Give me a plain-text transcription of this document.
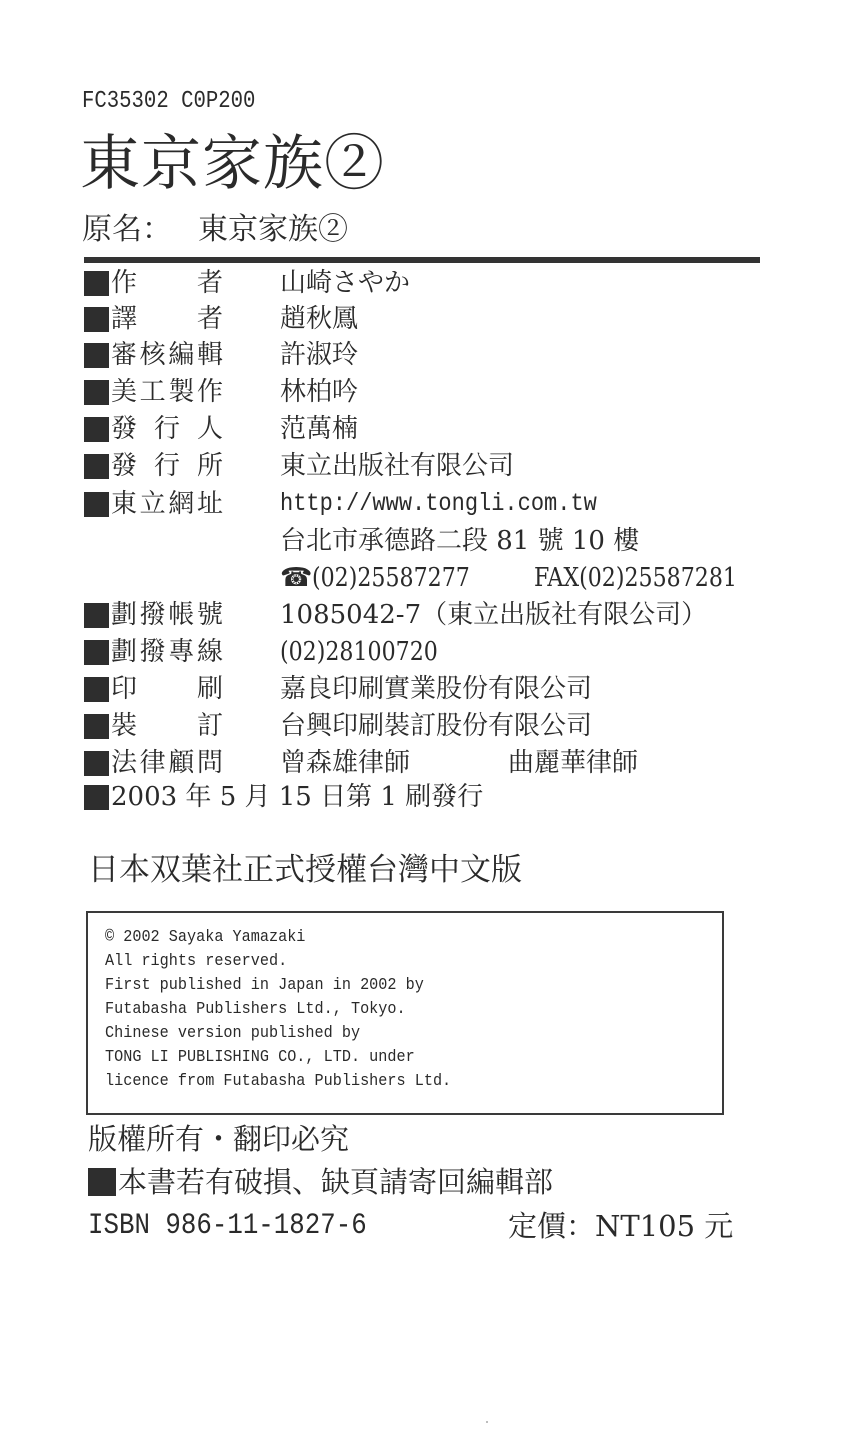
FC35302 C0P200
東京家族②
原名： 東京家族②
作 者 山崎さやか
譯 者 趙秋鳳
審 核 編 輯 許淑玲
美 工 製 作 林柏吟
發 行 人 范萬楠
發 行 所 東立出版社有限公司
東 立 網 址 http://www.tongli.com.tw
台北市承德路二段 81 號 10 樓
☎(02)25587277	FAX(02)25587281
劃 撥 帳 號 1085042-7（東立出版社有限公司）
劃 撥 專 線 (02)28100720
印 刷 嘉良印刷實業股份有限公司
裝 訂 台興印刷裝訂股份有限公司
法 律 顧 問 曾森雄律師	曲麗華律師
2003 年 5 月 15 日第 1 刷發行
日本双葉社正式授權台灣中文版
© 2002 Sayaka Yamazaki
All rights reserved.
First published in Japan in 2002 by
Futabasha Publishers Ltd., Tokyo.
Chinese version published by
TONG LI PUBLISHING CO., LTD. under
licence from Futabasha Publishers Ltd.
版權所有・翻印必究
本書若有破損、缺頁請寄回編輯部
ISBN 986-11-1827-6	定價：NT105 元
